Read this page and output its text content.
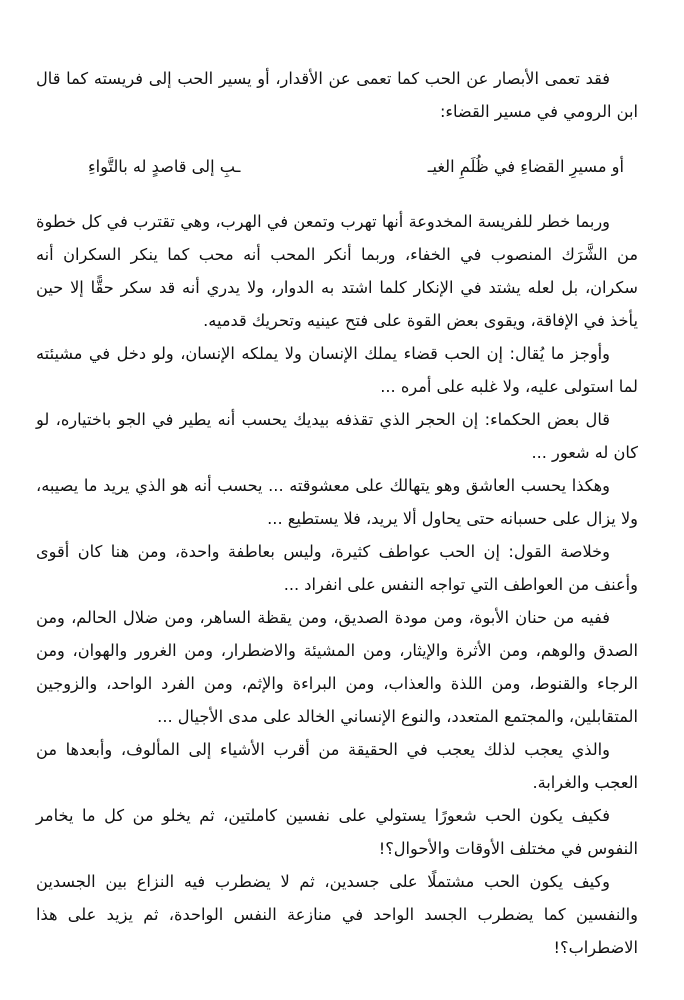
فقد تعمى الأبصار عن الحب كما تعمى عن الأقدار، أو يسير الحب إلى فريسته كما قال ابن الرومي في مسير القضاء:

أو مسيرِ القضاءِ في ظُلَمِ الغيـ
ـبِ إلى قاصدٍ له بالتَّواءِ

وربما خطر للفريسة المخدوعة أنها تهرب وتمعن في الهرب، وهي تقترب في كل خطوة من الشَّرَك المنصوب في الخفاء، وربما أنكر المحب أنه محب كما ينكر السكران أنه سكران، بل لعله يشتد في الإنكار كلما اشتد به الدوار، ولا يدري أنه قد سكر حقًّا إلا حين يأخذ في الإفاقة، ويقوى بعض القوة على فتح عينيه وتحريك قدميه.

وأوجز ما يُقال: إن الحب قضاء يملك الإنسان ولا يملكه الإنسان، ولو دخل في مشيئته لما استولى عليه، ولا غلبه على أمره ...

قال بعض الحكماء: إن الحجر الذي تقذفه بيديك يحسب أنه يطير في الجو باختياره، لو كان له شعور ...

وهكذا يحسب العاشق وهو يتهالك على معشوقته ... يحسب أنه هو الذي يريد ما يصيبه، ولا يزال على حسبانه حتى يحاول ألا يريد، فلا يستطيع ...

وخلاصة القول: إن الحب عواطف كثيرة، وليس بعاطفة واحدة، ومن هنا كان أقوى وأعنف من العواطف التي تواجه النفس على انفراد ...

ففيه من حنان الأبوة، ومن مودة الصديق، ومن يقظة الساهر، ومن ضلال الحالم، ومن الصدق والوهم، ومن الأثرة والإيثار، ومن المشيئة والاضطرار، ومن الغرور والهوان، ومن الرجاء والقنوط، ومن اللذة والعذاب، ومن البراءة والإثم، ومن الفرد الواحد، والزوجين المتقابلين، والمجتمع المتعدد، والنوع الإنساني الخالد على مدى الأجيال ...

والذي يعجب لذلك يعجب في الحقيقة من أقرب الأشياء إلى المألوف، وأبعدها من العجب والغرابة.

فكيف يكون الحب شعورًا يستولي على نفسين كاملتين، ثم يخلو من كل ما يخامر النفوس في مختلف الأوقات والأحوال؟!

وكيف يكون الحب مشتملًا على جسدين، ثم لا يضطرب فيه النزاع بين الجسدين والنفسين كما يضطرب الجسد الواحد في منازعة النفس الواحدة، ثم يزيد على هذا الاضطراب؟!
